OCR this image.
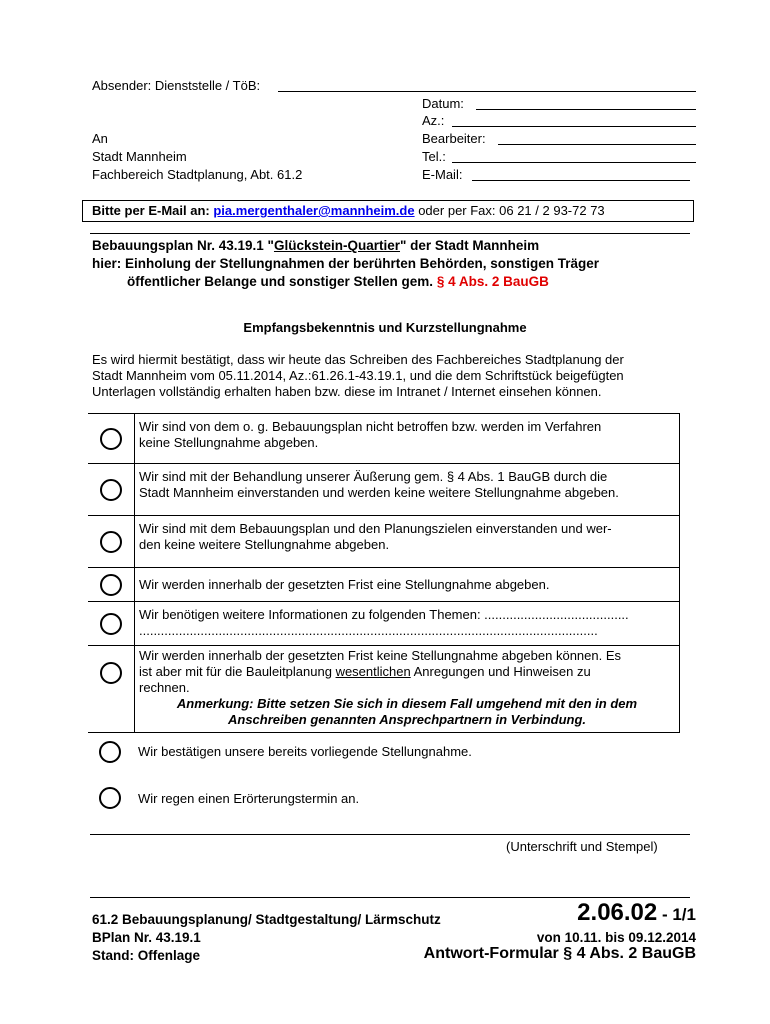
Absender: Dienststelle / TöB:
Datum:
Az.:
An	Bearbeiter:
Stadt Mannheim	Tel.:
Fachbereich Stadtplanung, Abt. 61.2	E-Mail:
Bitte per E-Mail an: pia.mergenthaler@mannheim.de oder per Fax: 06 21 / 2 93-72 73
Bebauungsplan Nr. 43.19.1 "Glückstein-Quartier" der Stadt Mannheim
hier: Einholung der Stellungnahmen der berührten Behörden, sonstigen Träger
öffentlicher Belange und sonstiger Stellen gem. § 4 Abs. 2 BauGB
Empfangsbekenntnis und Kurzstellungnahme
Es wird hiermit bestätigt, dass wir heute das Schreiben des Fachbereiches Stadtplanung der
Stadt Mannheim vom 05.11.2014, Az.:61.26.1-43.19.1, und die dem Schriftstück beigefügten
Unterlagen vollständig erhalten haben bzw. diese im Intranet / Internet einsehen können.

	Wir sind von dem o. g. Bebauungsplan nicht betroffen bzw. werden im Verfahren
keine Stellungnahme abgeben.

	Wir sind mit der Behandlung unserer Äußerung gem. § 4 Abs. 1 BauGB durch die
Stadt Mannheim einverstanden und werden keine weitere Stellungnahme abgeben.

	Wir sind mit dem Bebauungsplan und den Planungszielen einverstanden und wer-
den keine weitere Stellungnahme abgeben.

	Wir werden innerhalb der gesetzten Frist eine Stellungnahme abgeben.

	Wir benötigen weitere Informationen zu folgenden Themen: ........................................
...............................................................................................................................

	Wir werden innerhalb der gesetzten Frist keine Stellungnahme abgeben können. Es
ist aber mit für die Bauleitplanung wesentlichen Anregungen und Hinweisen zu
rechnen.
Anmerkung: Bitte setzen Sie sich in diesem Fall umgehend mit den in dem
Anschreiben genannten Ansprechpartnern in Verbindung.
Wir bestätigen unsere bereits vorliegende Stellungnahme.
Wir regen einen Erörterungstermin an.
(Unterschrift und Stempel)
61.2 Bebauungsplanung/ Stadtgestaltung/ Lärmschutz
BPlan Nr. 43.19.1
Stand: Offenlage
2.06.02 - 1/1
von 10.11. bis 09.12.2014
Antwort-Formular § 4 Abs. 2 BauGB
